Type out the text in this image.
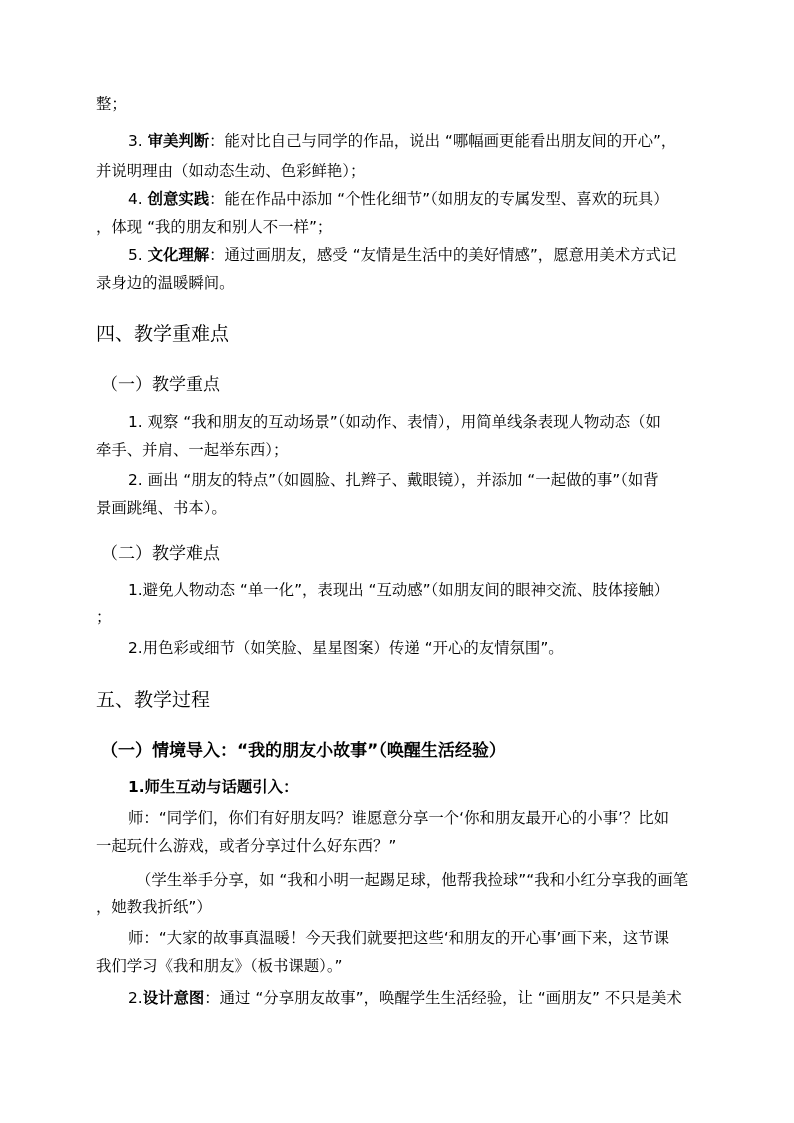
整；
3. 审美判断：能对比自己与同学的作品，说出 “哪幅画更能看出朋友间的开心”，
并说明理由（如动态生动、色彩鲜艳）；
4. 创意实践：能在作品中添加 “个性化细节”（如朋友的专属发型、喜欢的玩具）
，体现 “我的朋友和别人不一样”；
5. 文化理解：通过画朋友，感受 “友情是生活中的美好情感”，愿意用美术方式记
录身边的温暖瞬间。
四、教学重难点
（一）教学重点
1. 观察 “我和朋友的互动场景”（如动作、表情），用简单线条表现人物动态（如
牵手、并肩、一起举东西）；
2. 画出 “朋友的特点”（如圆脸、扎辫子、戴眼镜），并添加 “一起做的事”（如背
景画跳绳、书本）。
（二）教学难点
1.避免人物动态 “单一化”，表现出 “互动感”（如朋友间的眼神交流、肢体接触）
；
2.用色彩或细节（如笑脸、星星图案）传递 “开心的友情氛围”。
五、教学过程
（一）情境导入：“我的朋友小故事”（唤醒生活经验）
1.师生互动与话题引入：
师：“同学们，你们有好朋友吗？谁愿意分享一个‘你和朋友最开心的小事’？比如
一起玩什么游戏，或者分享过什么好东西？”
（学生举手分享，如 “我和小明一起踢足球，他帮我捡球”“我和小红分享我的画笔
，她教我折纸”）
师：“大家的故事真温暖！今天我们就要把这些‘和朋友的开心事’画下来，这节课
我们学习《我和朋友》（板书课题）。”
2.设计意图：通过 “分享朋友故事”，唤醒学生生活经验，让 “画朋友” 不只是美术
